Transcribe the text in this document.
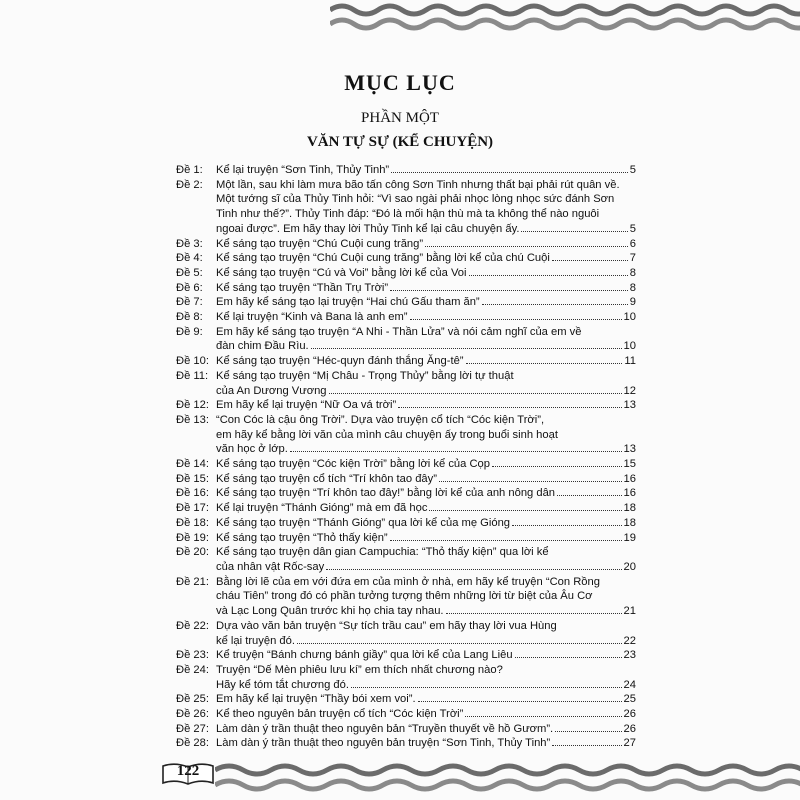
MỤC LỤC
PHẦN MỘT
VĂN TỰ SỰ (KỂ CHUYỆN)
Đề 1:	Kể lại truyện “Sơn Tinh, Thủy Tinh”	5
Đề 2:	Một lần, sau khi làm mưa bão tấn công Sơn Tinh nhưng thất bại phải rút quân về.
Một tướng sĩ của Thủy Tinh hỏi: “Vì sao ngài phải nhọc lòng nhọc sức đánh Sơn
Tinh như thế?”. Thủy Tinh đáp: “Đó là mối hận thù mà ta không thể nào nguôi
ngoai được”. Em hãy thay lời Thủy Tinh kể lại câu chuyện ấy.	5
Đề 3:	Kể sáng tạo truyện “Chú Cuội cung trăng”	6
Đề 4:	Kể sáng tạo truyện “Chú Cuội cung trăng” bằng lời kể của chú Cuội	7
Đề 5:	Kể sáng tạo truyện “Cú và Voi” bằng lời kể của Voi	8
Đề 6:	Kể sáng tạo truyện “Thần Trụ Trời”	8
Đề 7:	Em hãy kể sáng tạo lại truyện “Hai chú Gấu tham ăn”	9
Đề 8:	Kể lại truyện “Kinh và Bana là anh em”	10
Đề 9:	Em hãy kể sáng tạo truyện “A Nhi - Thần Lửa” và nói cảm nghĩ của em về
đàn chim Đầu Rìu.	10
Đề 10: Kể sáng tạo truyện “Héc-quyn đánh thắng Ăng-tê”	11
Đề 11: Kể sáng tạo truyện “Mị Châu - Trọng Thủy” bằng lời tự thuật
của An Dương Vương	12
Đề 12: Em hãy kể lại truyện “Nữ Oa vá trời”	13
Đề 13: “Con Cóc là cậu ông Trời”. Dựa vào truyện cổ tích “Cóc kiện Trời”,
em hãy kể bằng lời văn của mình câu chuyện ấy trong buổi sinh hoạt
văn học ở lớp.	13
Đề 14: Kể sáng tạo truyện “Cóc kiện Trời” bằng lời kể của Cọp	15
Đề 15: Kể sáng tạo truyện cổ tích “Trí khôn tao đây”	16
Đề 16: Kể sáng tạo truyện “Trí khôn tao đây!” bằng lời kể của anh nông dân	16
Đề 17: Kể lại truyện “Thánh Gióng” mà em đã học	18
Đề 18: Kể sáng tạo truyện “Thánh Gióng” qua lời kể của mẹ Gióng	18
Đề 19: Kể sáng tạo truyện “Thỏ thấy kiện”	19
Đề 20: Kể sáng tạo truyện dân gian Campuchia: “Thỏ thấy kiện” qua lời kể
của nhân vật Rốc-say	20
Đề 21: Bằng lời lẽ của em với đứa em của mình ở nhà, em hãy kể truyện “Con Rồng
cháu Tiên” trong đó có phần tưởng tượng thêm những lời từ biệt của Âu Cơ
và Lạc Long Quân trước khi họ chia tay nhau.	21
Đề 22: Dựa vào văn bản truyện “Sự tích trầu cau” em hãy thay lời vua Hùng
kể lại truyện đó.	22
Đề 23: Kể truyện “Bánh chưng bánh giầy” qua lời kể của Lang Liêu	23
Đề 24: Truyện “Dế Mèn phiêu lưu kí” em thích nhất chương nào?
Hãy kể tóm tắt chương đó.	24
Đề 25: Em hãy kể lại truyện “Thầy bói xem voi”.	25
Đề 26: Kể theo nguyên bản truyện cổ tích “Cóc kiện Trời”	26
Đề 27: Làm dàn ý trần thuật theo nguyên bản “Truyền thuyết về hồ Gươm”.	26
Đề 28: Làm dàn ý trần thuật theo nguyên bản truyện “Sơn Tinh, Thủy Tinh”	27
122
